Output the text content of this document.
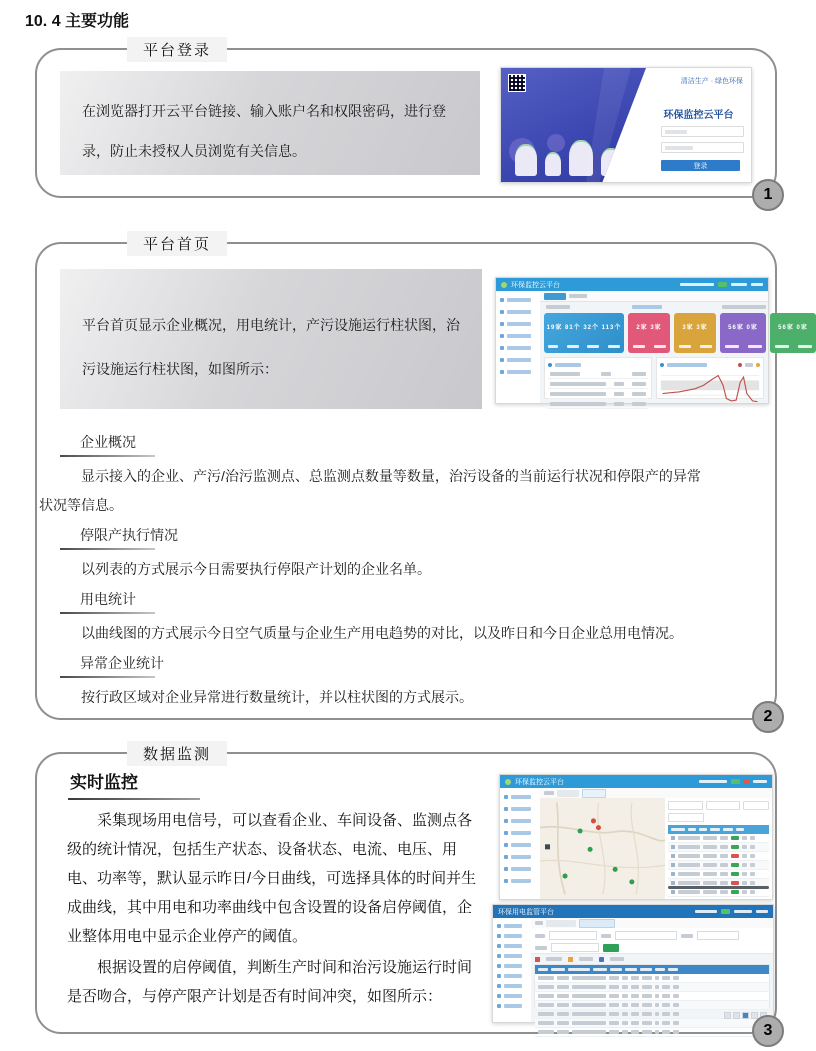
10. 4 主要功能
平台登录

在浏览器打开云平台链接、输入账户名和权限密码，进行登录，防止未授权人员浏览有关信息。

清洁生产 · 绿色环保
环保监控云平台
登录
1
平台首页

平台首页显示企业概况，用电统计，产污设施运行柱状图，治污设施运行柱状图，如图所示：

环保监控云平台
19家 81个 32个 113个	2家 3家	3家 3家	56家 0家	56家 0家
企业概况

显示接入的企业、产污/治污监测点、总监测点数量等数量，治污设备的当前运行状况和停限产的异常状况等信息。

停限产执行情况

以列表的方式展示今日需要执行停限产计划的企业名单。

用电统计

以曲线图的方式展示今日空气质量与企业生产用电趋势的对比，以及昨日和今日企业总用电情况。

异常企业统计

按行政区域对企业异常进行数量统计，并以柱状图的方式展示。

2
数据监测
实时监控

采集现场用电信号，可以查看企业、车间设备、监测点各级的统计情况，包括生产状态、设备状态、电流、电压、用电、功率等，默认显示昨日/今日曲线，可选择具体的时间并生成曲线，其中用电和功率曲线中包含设置的设备启停阈值，企业整体用电中显示企业停产的阈值。

根据设置的启停阈值，判断生产时间和治污设施运行时间是否吻合，与停产限产计划是否有时间冲突，如图所示：

环保监控云平台
环保用电监管平台
3
